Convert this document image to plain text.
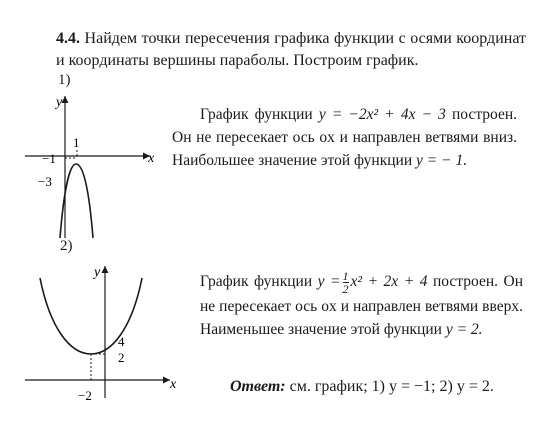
4.4. Найдем точки пересечения графика функции с осями координат и координаты вершины параболы. Построим график.
1)
y
x
1
−1
−3
График функции y = −2x² + 4x − 3 построен. Он не пересекает ось ox и направлен ветвями вниз. Наибольшее значение этой функции y = − 1.
2)
y
x
4
2
−2
График функции $y = \frac{1}{2} x^2 + 2x + 4$ построен. Он не пересекает ось ox и направлен ветвями вверх. Наименьшее значение этой функции y = 2.
Ответ: см. график; 1) y = −1; 2) y = 2.
